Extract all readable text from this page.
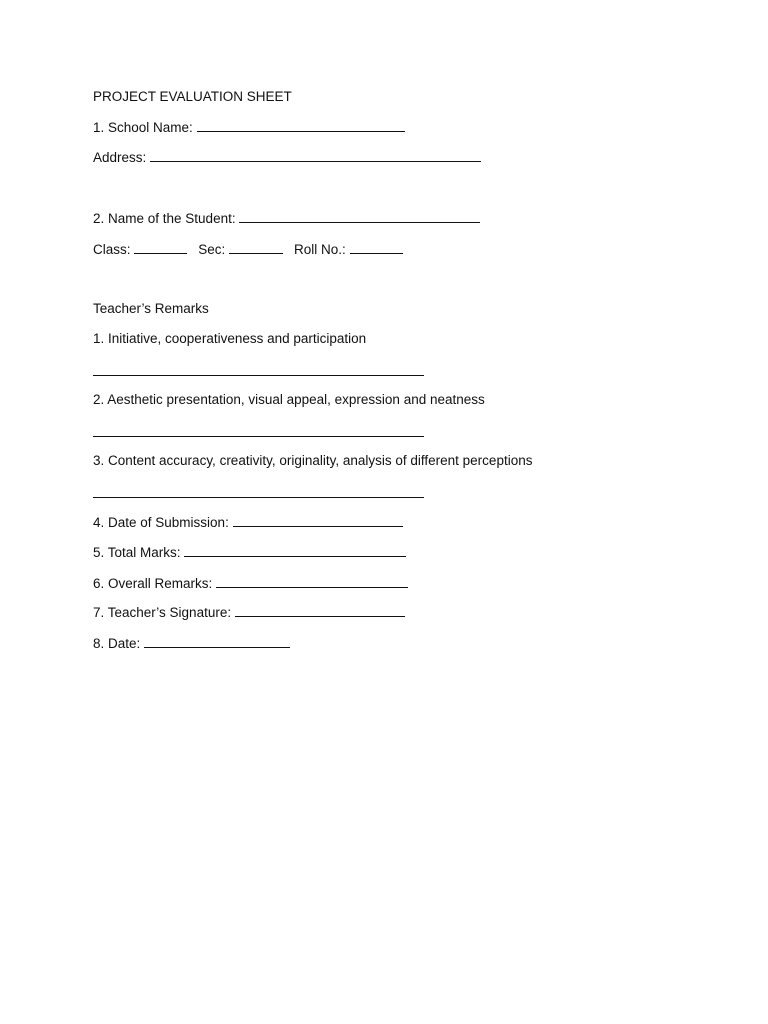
PROJECT EVALUATION SHEET
1. School Name:
Address:
2. Name of the Student:
Class:	Sec:	Roll No.:
Teacher’s Remarks
1. Initiative, cooperativeness and participation
2. Aesthetic presentation, visual appeal, expression and neatness
3. Content accuracy, creativity, originality, analysis of different perceptions
4. Date of Submission:
5. Total Marks:
6. Overall Remarks:
7. Teacher’s Signature:
8. Date:
